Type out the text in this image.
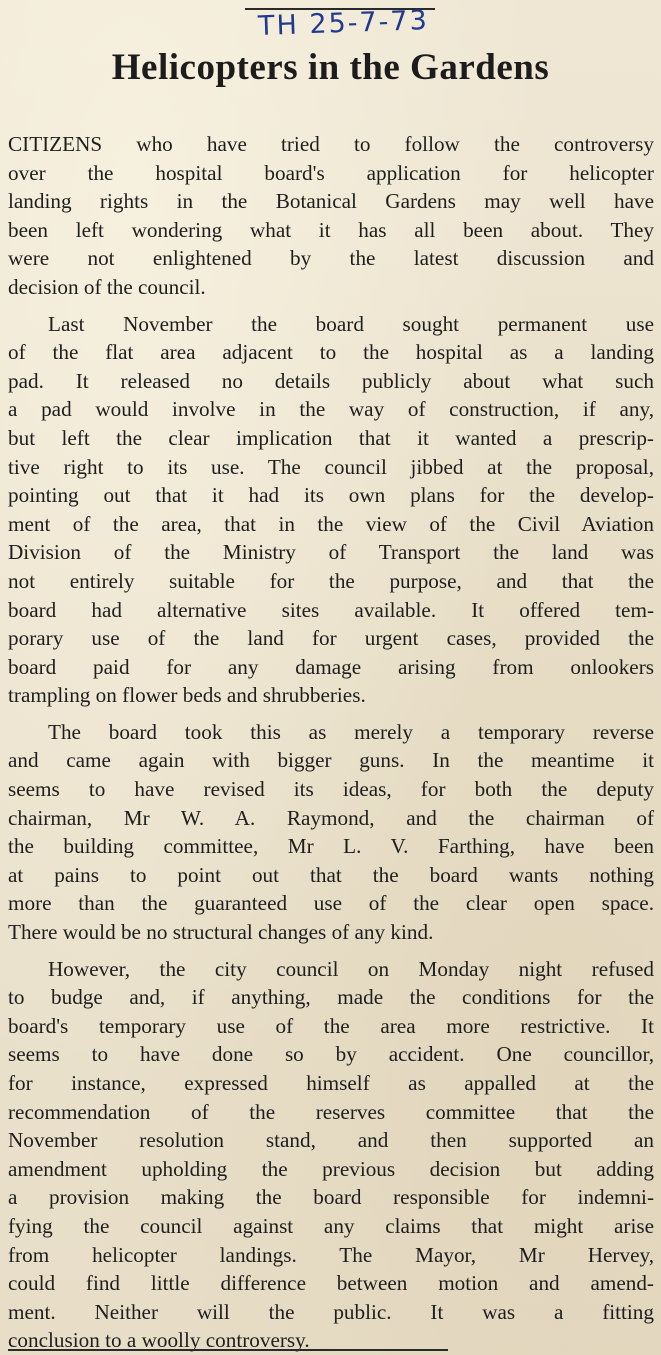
TH 25-7-73
Helicopters in the Gardens
CITIZENS who have tried to follow the controversy
over the hospital board's application for helicopter
landing rights in the Botanical Gardens may well have
been left wondering what it has all been about. They
were not enlightened by the latest discussion and
decision of the council.
Last November the board sought permanent use
of the flat area adjacent to the hospital as a landing
pad. It released no details publicly about what such
a pad would involve in the way of construction, if any,
but left the clear implication that it wanted a prescrip-
tive right to its use. The council jibbed at the proposal,
pointing out that it had its own plans for the develop-
ment of the area, that in the view of the Civil Aviation
Division of the Ministry of Transport the land was
not entirely suitable for the purpose, and that the
board had alternative sites available. It offered tem-
porary use of the land for urgent cases, provided the
board paid for any damage arising from onlookers
trampling on flower beds and shrubberies.
The board took this as merely a temporary reverse
and came again with bigger guns. In the meantime it
seems to have revised its ideas, for both the deputy
chairman, Mr W. A. Raymond, and the chairman of
the building committee, Mr L. V. Farthing, have been
at pains to point out that the board wants nothing
more than the guaranteed use of the clear open space.
There would be no structural changes of any kind.
However, the city council on Monday night refused
to budge and, if anything, made the conditions for the
board's temporary use of the area more restrictive. It
seems to have done so by accident. One councillor,
for instance, expressed himself as appalled at the
recommendation of the reserves committee that the
November resolution stand, and then supported an
amendment upholding the previous decision but adding
a provision making the board responsible for indemni-
fying the council against any claims that might arise
from helicopter landings. The Mayor, Mr Hervey,
could find little difference between motion and amend-
ment. Neither will the public. It was a fitting
conclusion to a woolly controversy.
